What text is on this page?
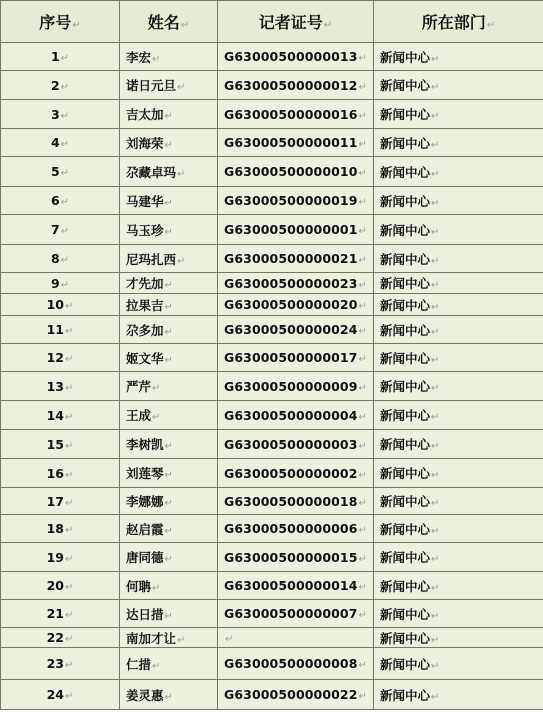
序号↵	姓名↵	记者证号↵	所在部门↵
1↵	李宏↵	G63000500000013↵	新闻中心↵
2↵	诺日元旦↵	G63000500000012↵	新闻中心↵
3↵	吉太加↵	G63000500000016↵	新闻中心↵
4↵	刘海荣↵	G63000500000011↵	新闻中心↵
5↵	尕藏卓玛↵	G63000500000010↵	新闻中心↵
6↵	马建华↵	G63000500000019↵	新闻中心↵
7↵	马玉珍↵	G63000500000001↵	新闻中心↵
8↵	尼玛扎西↵	G63000500000021↵	新闻中心↵
9↵	才先加↵	G63000500000023↵	新闻中心↵
10↵	拉果吉↵	G63000500000020↵	新闻中心↵
11↵	尕多加↵	G63000500000024↵	新闻中心↵
12↵	姬文华↵	G63000500000017↵	新闻中心↵
13↵	严芹↵	G63000500000009↵	新闻中心↵
14↵	王成↵	G63000500000004↵	新闻中心↵
15↵	李树凯↵	G63000500000003↵	新闻中心↵
16↵	刘莲琴↵	G63000500000002↵	新闻中心↵
17↵	李娜娜↵	G63000500000018↵	新闻中心↵
18↵	赵启霞↵	G63000500000006↵	新闻中心↵
19↵	唐同德↵	G63000500000015↵	新闻中心↵
20↵	何聃↵	G63000500000014↵	新闻中心↵
21↵	达日措↵	G63000500000007↵	新闻中心↵
22↵	南加才让↵	↵	新闻中心↵
23↵	仁措↵	G63000500000008↵	新闻中心↵
24↵	姜灵惠↵	G63000500000022↵	新闻中心↵
